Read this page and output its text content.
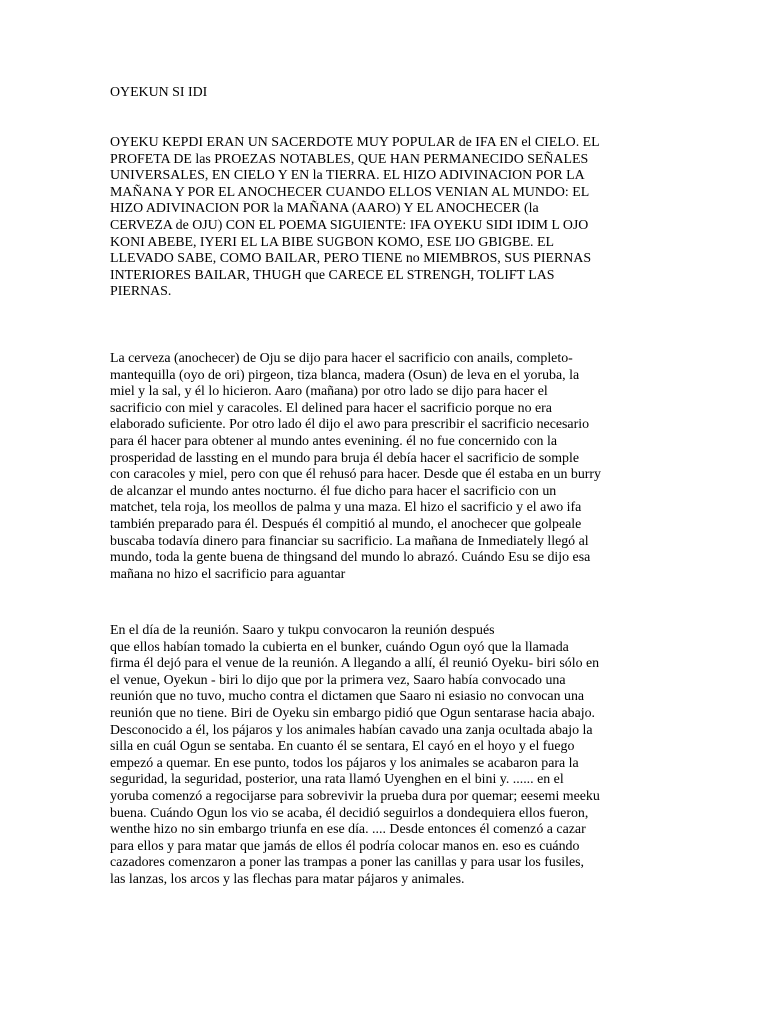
OYEKUN SI IDI

OYEKU KEPDI ERAN UN SACERDOTE MUY POPULAR de IFA EN el CIELO. EL
PROFETA DE las PROEZAS NOTABLES, QUE HAN PERMANECIDO SEÑALES
UNIVERSALES, EN CIELO Y EN la TIERRA. EL HIZO ADIVINACION POR LA
MAÑANA Y POR EL ANOCHECER CUANDO ELLOS VENIAN AL MUNDO: EL
HIZO ADIVINACION POR la MAÑANA (AARO) Y EL ANOCHECER (la
CERVEZA de OJU) CON EL POEMA SIGUIENTE: IFA OYEKU SIDI IDIM L OJO
KONI ABEBE, IYERI EL LA BIBE SUGBON KOMO, ESE IJO GBIGBE. EL
LLEVADO SABE, COMO BAILAR, PERO TIENE no MIEMBROS, SUS PIERNAS
INTERIORES BAILAR, THUGH que CARECE EL STRENGH, TOLIFT LAS
PIERNAS.

La cerveza (anochecer) de Oju se dijo para hacer el sacrificio con anails, completo-
mantequilla (oyo de ori) pirgeon, tiza blanca, madera (Osun) de leva en el yoruba, la
miel y la sal, y él lo hicieron. Aaro (mañana) por otro lado se dijo para hacer el
sacrificio con miel y caracoles. El delined para hacer el sacrificio porque no era
elaborado suficiente. Por otro lado él dijo el awo para prescribir el sacrificio necesario
para él hacer para obtener al mundo antes evenining. él no fue concernido con la
prosperidad de lassting en el mundo para bruja él debía hacer el sacrificio de somple
con caracoles y miel, pero con que él rehusó para hacer. Desde que él estaba en un burry
de alcanzar el mundo antes nocturno. él fue dicho para hacer el sacrificio con un
matchet, tela roja, los meollos de palma y una maza. El hizo el sacrificio y el awo ifa
también preparado para él. Después él compitió al mundo, el anochecer que golpeale
buscaba todavía dinero para financiar su sacrificio. La mañana de Inmediately llegó al
mundo, toda la gente buena de thingsand del mundo lo abrazó. Cuándo Esu se dijo esa
mañana no hizo el sacrificio para aguantar

En el día de la reunión. Saaro y tukpu convocaron la reunión después
que ellos habían tomado la cubierta en el bunker, cuándo Ogun oyó que la llamada
firma él dejó para el venue de la reunión. A llegando a allí, él reunió Oyeku- biri sólo en
el venue, Oyekun - biri lo dijo que por la primera vez, Saaro había convocado una
reunión que no tuvo, mucho contra el dictamen que Saaro ni esiasio no convocan una
reunión que no tiene. Biri de Oyeku sin embargo pidió que Ogun sentarase hacia abajo.
Desconocido a él, los pájaros y los animales habían cavado una zanja ocultada abajo la
silla en cuál Ogun se sentaba. En cuanto él se sentara, El cayó en el hoyo y el fuego
empezó a quemar. En ese punto, todos los pájaros y los animales se acabaron para la
seguridad, la seguridad, posterior, una rata llamó Uyenghen en el bini y. ...... en el
yoruba comenzó a regocijarse para sobrevivir la prueba dura por quemar; eesemi meeku
buena. Cuándo Ogun los vio se acaba, él decidió seguirlos a dondequiera ellos fueron,
wenthe hizo no sin embargo triunfa en ese día. .... Desde entonces él comenzó a cazar
para ellos y para matar que jamás de ellos él podría colocar manos en. eso es cuándo
cazadores comenzaron a poner las trampas a poner las canillas y para usar los fusiles,
las lanzas, los arcos y las flechas para matar pájaros y animales.
